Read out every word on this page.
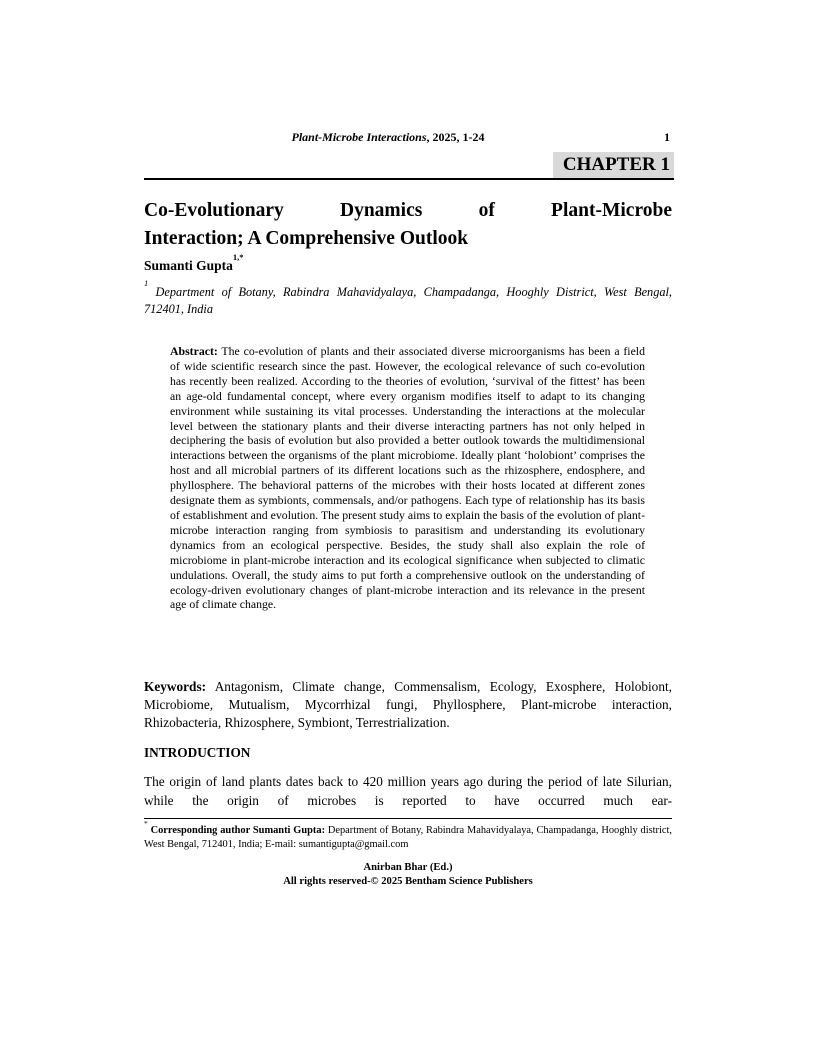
Plant-Microbe Interactions, 2025, 1-24	1
CHAPTER 1
Co-Evolutionary Dynamics of Plant-Microbe
Interaction; A Comprehensive Outlook
Sumanti Gupta$^{1,*}$
$^1$ Department of Botany, Rabindra Mahavidyalaya, Champadanga, Hooghly District, West Bengal, 712401, India
Abstract: The co-evolution of plants and their associated diverse microorganisms has been a field of wide scientific research since the past. However, the ecological relevance of such co-evolution has recently been realized. According to the theories of evolution, ‘survival of the fittest’ has been an age-old fundamental concept, where every organism modifies itself to adapt to its changing environment while sustaining its vital processes. Understanding the interactions at the molecular level between the stationary plants and their diverse interacting partners has not only helped in deciphering the basis of evolution but also provided a better outlook towards the multidimensional interactions between the organisms of the plant microbiome. Ideally plant ‘holobiont’ comprises the host and all microbial partners of its different locations such as the rhizosphere, endosphere, and phyllosphere. The behavioral patterns of the microbes with their hosts located at different zones designate them as symbionts, commensals, and/or pathogens. Each type of relationship has its basis of establishment and evolution. The present study aims to explain the basis of the evolution of plant-microbe interaction ranging from symbiosis to parasitism and understanding its evolutionary dynamics from an ecological perspective. Besides, the study shall also explain the role of microbiome in plant-microbe interaction and its ecological significance when subjected to climatic undulations. Overall, the study aims to put forth a comprehensive outlook on the understanding of ecology-driven evolutionary changes of plant-microbe interaction and its relevance in the present age of climate change.
Keywords: Antagonism, Climate change, Commensalism, Ecology, Exosphere, Holobiont, Microbiome, Mutualism, Mycorrhizal fungi, Phyllosphere, Plant-microbe interaction, Rhizobacteria, Rhizosphere, Symbiont, Terrestrialization.
INTRODUCTION
The origin of land plants dates back to 420 million years ago during the period of late Silurian, while the origin of microbes is reported to have occurred much ear-
* Corresponding author Sumanti Gupta: Department of Botany, Rabindra Mahavidyalaya, Champadanga, Hooghly district, West Bengal, 712401, India; E-mail: sumantigupta@gmail.com
Anirban Bhar (Ed.)
All rights reserved-© 2025 Bentham Science Publishers
